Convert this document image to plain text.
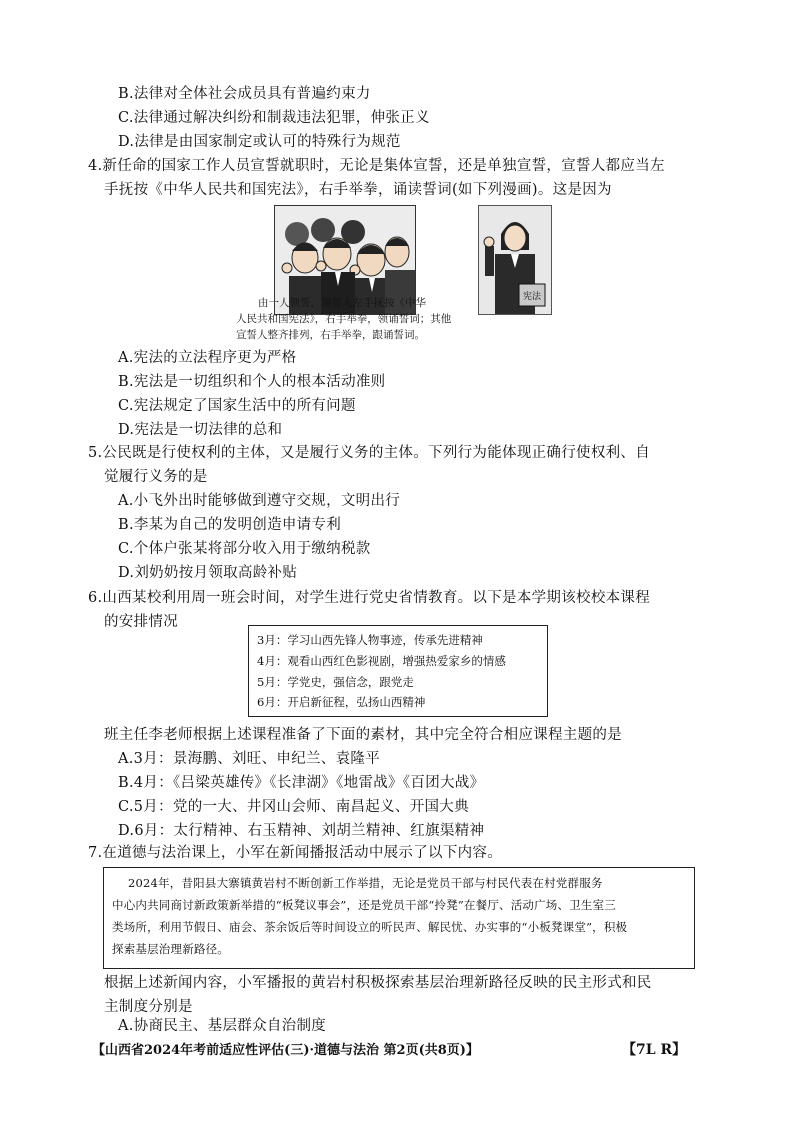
B.法律对全体社会成员具有普遍约束力
C.法律通过解决纠纷和制裁违法犯罪，伸张正义
D.法律是由国家制定或认可的特殊行为规范
4.新任命的国家工作人员宣誓就职时，无论是集体宣誓，还是单独宣誓，宣誓人都应当左
手抚按《中华人民共和国宪法》，右手举拳，诵读誓词(如下列漫画)。这是因为
由一人领誓，领誓人左手抚按《中华
人民共和国宪法》，右手举拳，领诵誓词；其他
宣誓人整齐排列，右手举拳，跟诵誓词。
宪法
A.宪法的立法程序更为严格
B.宪法是一切组织和个人的根本活动准则
C.宪法规定了国家生活中的所有问题
D.宪法是一切法律的总和
5.公民既是行使权利的主体，又是履行义务的主体。下列行为能体现正确行使权利、自
觉履行义务的是
A.小飞外出时能够做到遵守交规，文明出行
B.李某为自己的发明创造申请专利
C.个体户张某将部分收入用于缴纳税款
D.刘奶奶按月领取高龄补贴
6.山西某校利用周一班会时间，对学生进行党史省情教育。以下是本学期该校校本课程
的安排情况
3月：学习山西先锋人物事迹，传承先进精神
4月：观看山西红色影视剧，增强热爱家乡的情感
5月：学党史，强信念，跟党走
6月：开启新征程，弘扬山西精神
班主任李老师根据上述课程准备了下面的素材，其中完全符合相应课程主题的是
A.3月：景海鹏、刘旺、申纪兰、袁隆平
B.4月：《吕梁英雄传》《长津湖》《地雷战》《百团大战》
C.5月：党的一大、井冈山会师、南昌起义、开国大典
D.6月：太行精神、右玉精神、刘胡兰精神、红旗渠精神
7.在道德与法治课上，小军在新闻播报活动中展示了以下内容。
2024年，昔阳县大寨镇黄岩村不断创新工作举措，无论是党员干部与村民代表在村党群服务
中心内共同商讨新政策新举措的“板凳议事会”，还是党员干部“拎凳”在餐厅、活动广场、卫生室三
类场所，利用节假日、庙会、茶余饭后等时间设立的听民声、解民忧、办实事的“小板凳课堂”，积极
探索基层治理新路径。
根据上述新闻内容，小军播报的黄岩村积极探索基层治理新路径反映的民主形式和民
主制度分别是
A.协商民主、基层群众自治制度
【山西省2024年考前适应性评估(三)·道德与法治 第2页(共8页)】	【7L R】
